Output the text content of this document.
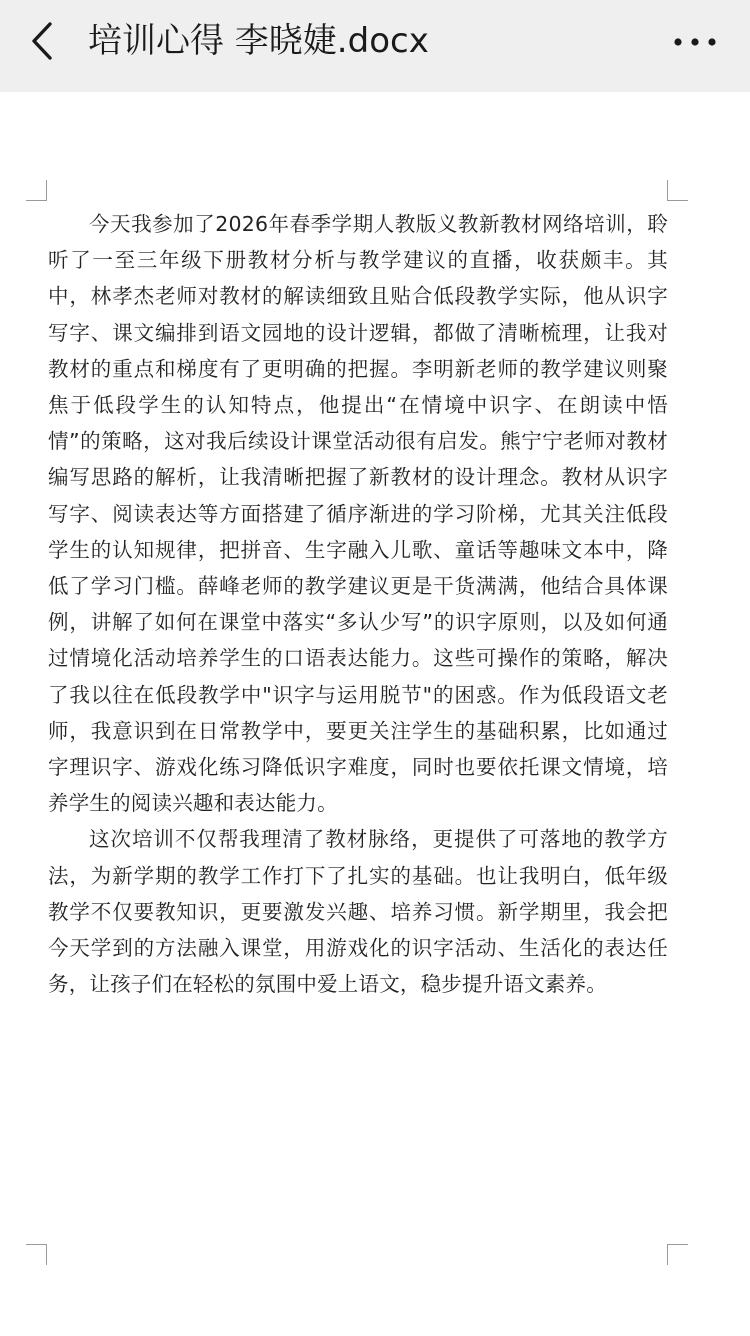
培训心得 李晓婕.docx

今天我参加了2026年春季学期人教版义教新教材网络培训，聆听了一至三年级下册教材分析与教学建议的直播，收获颇丰。其中，林孝杰老师对教材的解读细致且贴合低段教学实际，他从识字写字、课文编排到语文园地的设计逻辑，都做了清晰梳理，让我对教材的重点和梯度有了更明确的把握。李明新老师的教学建议则聚焦于低段学生的认知特点，他提出“在情境中识字、在朗读中悟情”的策略，这对我后续设计课堂活动很有启发。熊宁宁老师对教材编写思路的解析，让我清晰把握了新教材的设计理念。教材从识字写字、阅读表达等方面搭建了循序渐进的学习阶梯，尤其关注低段学生的认知规律，把拼音、生字融入儿歌、童话等趣味文本中，降低了学习门槛。薛峰老师的教学建议更是干货满满，他结合具体课例，讲解了如何在课堂中落实“多认少写”的识字原则，以及如何通过情境化活动培养学生的口语表达能力。这些可操作的策略，解决了我以往在低段教学中"识字与运用脱节"的困惑。作为低段语文老师，我意识到在日常教学中，要更关注学生的基础积累，比如通过字理识字、游戏化练习降低识字难度，同时也要依托课文情境，培养学生的阅读兴趣和表达能力。

这次培训不仅帮我理清了教材脉络，更提供了可落地的教学方法，为新学期的教学工作打下了扎实的基础。也让我明白，低年级教学不仅要教知识，更要激发兴趣、培养习惯。新学期里，我会把今天学到的方法融入课堂，用游戏化的识字活动、生活化的表达任务，让孩子们在轻松的氛围中爱上语文，稳步提升语文素养。
